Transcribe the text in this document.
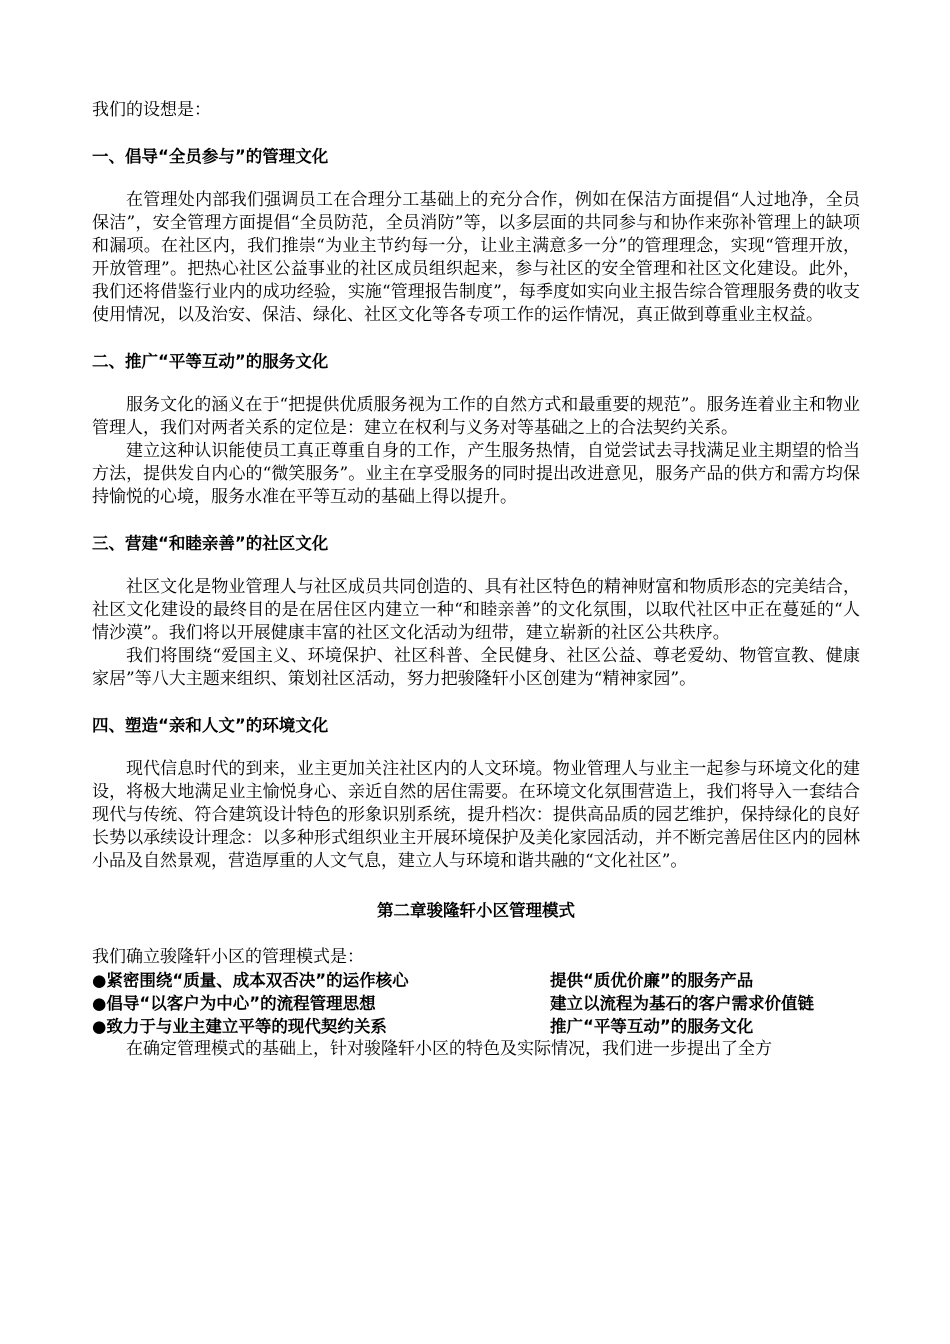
我们的设想是：

一、倡导“全员参与”的管理文化

在管理处内部我们强调员工在合理分工基础上的充分合作，例如在保洁方面提倡“人过地净，全员保洁”，安全管理方面提倡“全员防范，全员消防”等，以多层面的共同参与和协作来弥补管理上的缺项和漏项。在社区内，我们推崇“为业主节约每一分，让业主满意多一分”的管理理念，实现“管理开放，开放管理”。把热心社区公益事业的社区成员组织起来，参与社区的安全管理和社区文化建设。此外，我们还将借鉴行业内的成功经验，实施“管理报告制度”，每季度如实向业主报告综合管理服务费的收支使用情况，以及治安、保洁、绿化、社区文化等各专项工作的运作情况，真正做到尊重业主权益。

二、推广“平等互动”的服务文化

服务文化的涵义在于“把提供优质服务视为工作的自然方式和最重要的规范”。服务连着业主和物业管理人，我们对两者关系的定位是：建立在权利与义务对等基础之上的合法契约关系。

建立这种认识能使员工真正尊重自身的工作，产生服务热情，自觉尝试去寻找满足业主期望的恰当方法，提供发自内心的“微笑服务”。业主在享受服务的同时提出改进意见，服务产品的供方和需方均保持愉悦的心境，服务水准在平等互动的基础上得以提升。

三、营建“和睦亲善”的社区文化

社区文化是物业管理人与社区成员共同创造的、具有社区特色的精神财富和物质形态的完美结合，社区文化建设的最终目的是在居住区内建立一种“和睦亲善”的文化氛围，以取代社区中正在蔓延的“人情沙漠”。我们将以开展健康丰富的社区文化活动为纽带，建立崭新的社区公共秩序。

我们将围绕“爱国主义、环境保护、社区科普、全民健身、社区公益、尊老爱幼、物管宣教、健康家居”等八大主题来组织、策划社区活动，努力把骏隆轩小区创建为“精神家园”。

四、塑造“亲和人文”的环境文化

现代信息时代的到来，业主更加关注社区内的人文环境。物业管理人与业主一起参与环境文化的建设，将极大地满足业主愉悦身心、亲近自然的居住需要。在环境文化氛围营造上，我们将导入一套结合现代与传统、符合建筑设计特色的形象识别系统，提升档次：提供高品质的园艺维护，保持绿化的良好长势以承续设计理念：以多种形式组织业主开展环境保护及美化家园活动，并不断完善居住区内的园林小品及自然景观，营造厚重的人文气息，建立人与环境和谐共融的“文化社区”。

第二章骏隆轩小区管理模式

我们确立骏隆轩小区的管理模式是：

●紧密围绕“质量、成本双否决”的运作核心	提供“质优价廉”的服务产品
●倡导“以客户为中心”的流程管理思想	建立以流程为基石的客户需求价值链
●致力于与业主建立平等的现代契约关系	推广“平等互动”的服务文化

在确定管理模式的基础上，针对骏隆轩小区的特色及实际情况，我们进一步提出了全方
